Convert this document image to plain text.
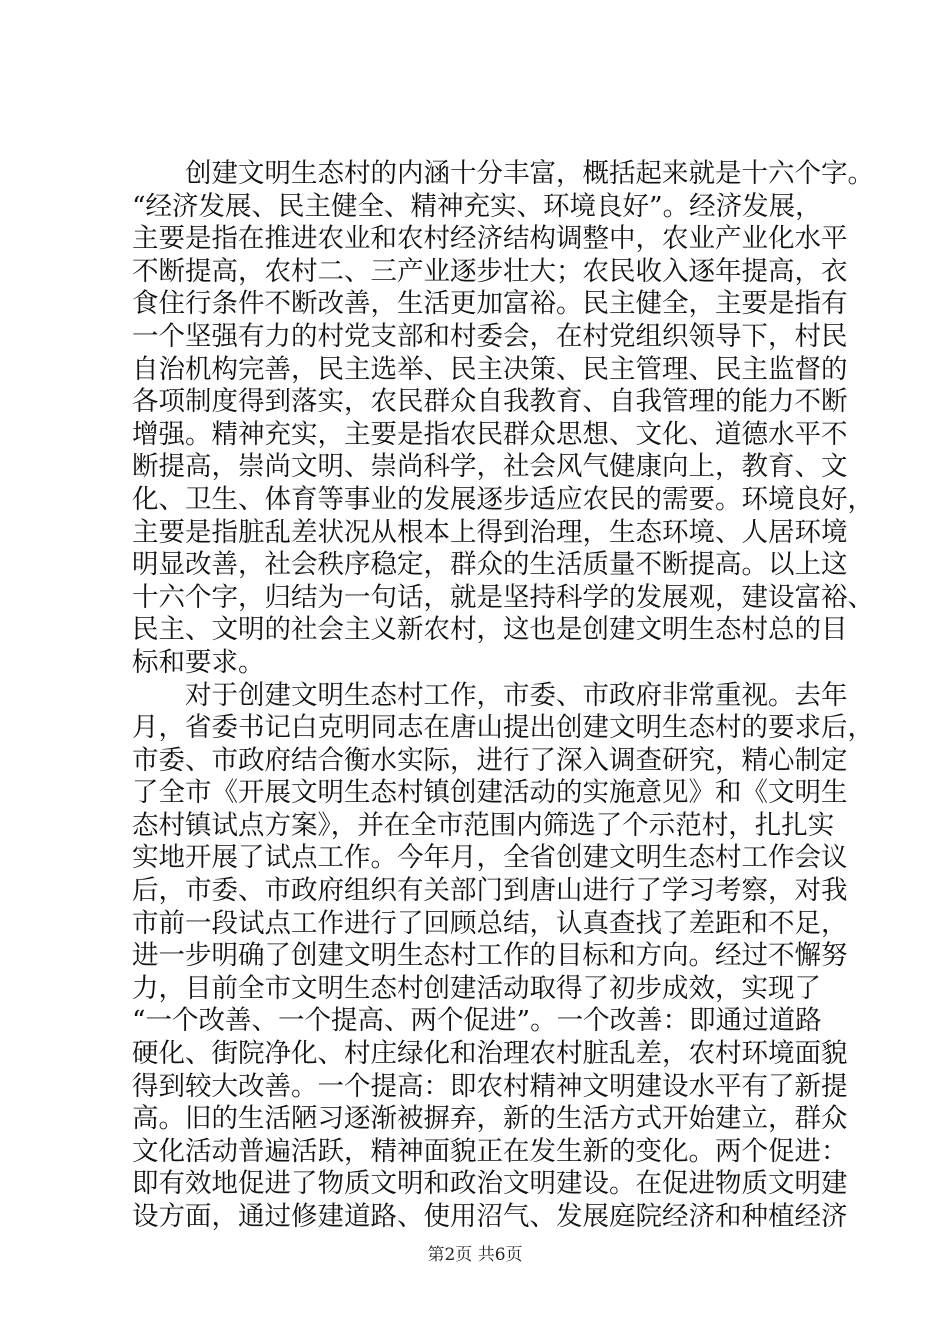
创建文明生态村的内涵十分丰富，概括起来就是十六个字。
“经济发展、民主健全、精神充实、环境良好”。经济发展，
主要是指在推进农业和农村经济结构调整中，农业产业化水平
不断提高，农村二、三产业逐步壮大；农民收入逐年提高，衣
食住行条件不断改善，生活更加富裕。民主健全，主要是指有
一个坚强有力的村党支部和村委会，在村党组织领导下，村民
自治机构完善，民主选举、民主决策、民主管理、民主监督的
各项制度得到落实，农民群众自我教育、自我管理的能力不断
增强。精神充实，主要是指农民群众思想、文化、道德水平不
断提高，崇尚文明、崇尚科学，社会风气健康向上，教育、文
化、卫生、体育等事业的发展逐步适应农民的需要。环境良好，
主要是指脏乱差状况从根本上得到治理，生态环境、人居环境
明显改善，社会秩序稳定，群众的生活质量不断提高。以上这
十六个字，归结为一句话，就是坚持科学的发展观，建设富裕、
民主、文明的社会主义新农村，这也是创建文明生态村总的目
标和要求。
对于创建文明生态村工作，市委、市政府非常重视。去年
月，省委书记白克明同志在唐山提出创建文明生态村的要求后，
市委、市政府结合衡水实际，进行了深入调查研究，精心制定
了全市《开展文明生态村镇创建活动的实施意见》和《文明生
态村镇试点方案》，并在全市范围内筛选了个示范村，扎扎实
实地开展了试点工作。今年月，全省创建文明生态村工作会议
后，市委、市政府组织有关部门到唐山进行了学习考察，对我
市前一段试点工作进行了回顾总结，认真查找了差距和不足，
进一步明确了创建文明生态村工作的目标和方向。经过不懈努
力，目前全市文明生态村创建活动取得了初步成效，实现了
“一个改善、一个提高、两个促进”。一个改善：即通过道路
硬化、街院净化、村庄绿化和治理农村脏乱差，农村环境面貌
得到较大改善。一个提高：即农村精神文明建设水平有了新提
高。旧的生活陋习逐渐被摒弃，新的生活方式开始建立，群众
文化活动普遍活跃，精神面貌正在发生新的变化。两个促进：
即有效地促进了物质文明和政治文明建设。在促进物质文明建
设方面，通过修建道路、使用沼气、发展庭院经济和种植经济
第2页 共6页
